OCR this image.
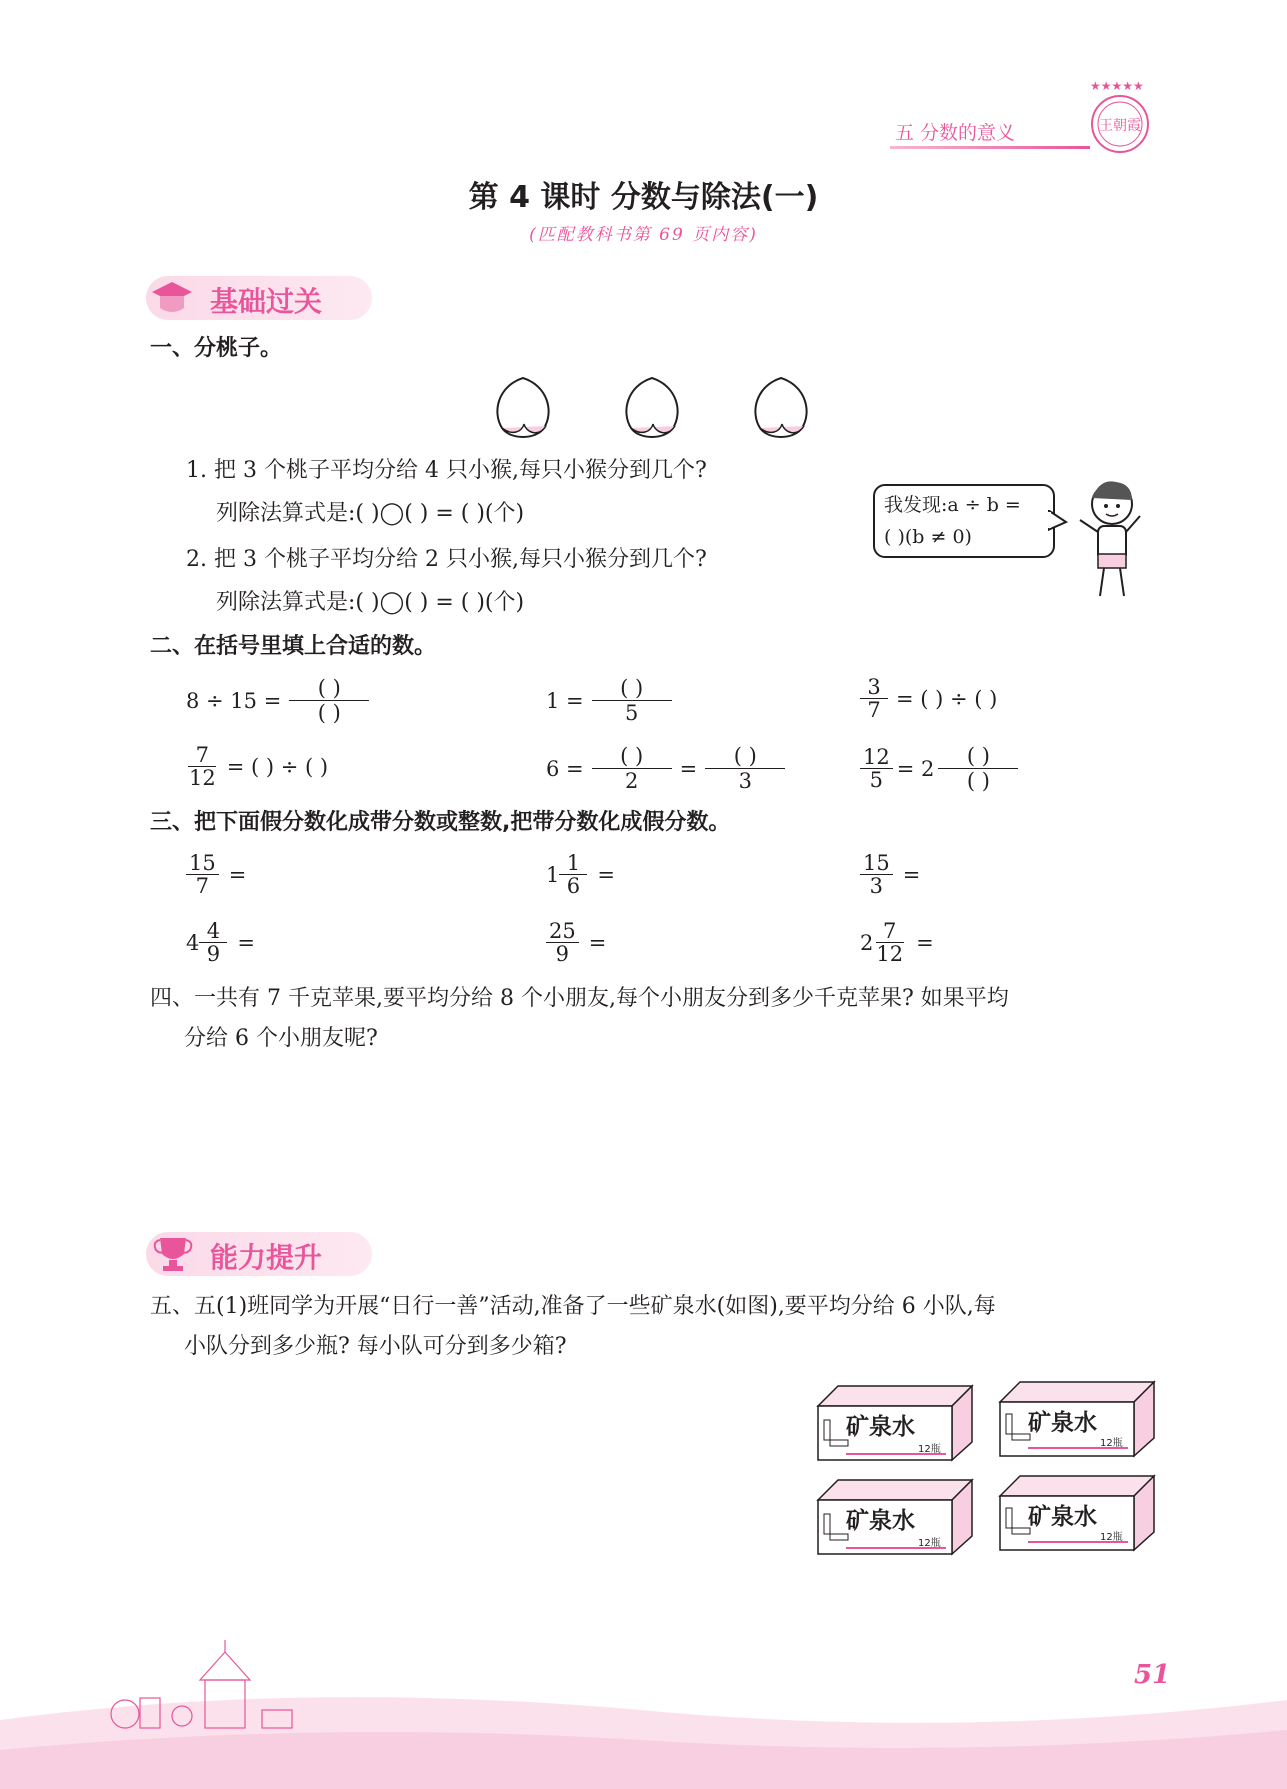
五 分数的意义
★★★★★
王朝霞
第 4 课时 分数与除法(一)
(匹配教科书第 69 页内容)
基础过关
一、分桃子。
1. 把 3 个桃子平均分给 4 只小猴,每只小猴分到几个?
列除法算式是:( )◯( ) = ( )(个)
2. 把 3 个桃子平均分给 2 只小猴,每只小猴分到几个?
列除法算式是:( )◯( ) = ( )(个)
我发现:a ÷ b =
( )(b ≠ 0)
二、在括号里填上合适的数。
$8 \div 15 = \frac{( )}{( )}$	$1 = \frac{( )}{5}$	$\frac{3}{7}$ = ( ) ÷ ( )
$\frac{7}{12}$ = ( ) ÷ ( )	$6 = \frac{( )}{2} = \frac{( )}{3}$	$\frac{12}{5} = 2 \frac{( )}{( )}$
三、把下面假分数化成带分数或整数,把带分数化成假分数。
$\frac{15}{7}$ =	$1 \frac{1}{6}$ =	$\frac{15}{3}$ =
$4 \frac{4}{9}$ =	$\frac{25}{9}$ =	$2 \frac{7}{12}$ =
四、一共有 7 千克苹果,要平均分给 8 个小朋友,每个小朋友分到多少千克苹果? 如果平均
分给 6 个小朋友呢?
能力提升
五、五(1)班同学为开展“日行一善”活动,准备了一些矿泉水(如图),要平均分给 6 小队,每
小队分到多少瓶? 每小队可分到多少箱?
矿泉水
12瓶
矿泉水
12瓶
矿泉水
12瓶
矿泉水
12瓶
51
